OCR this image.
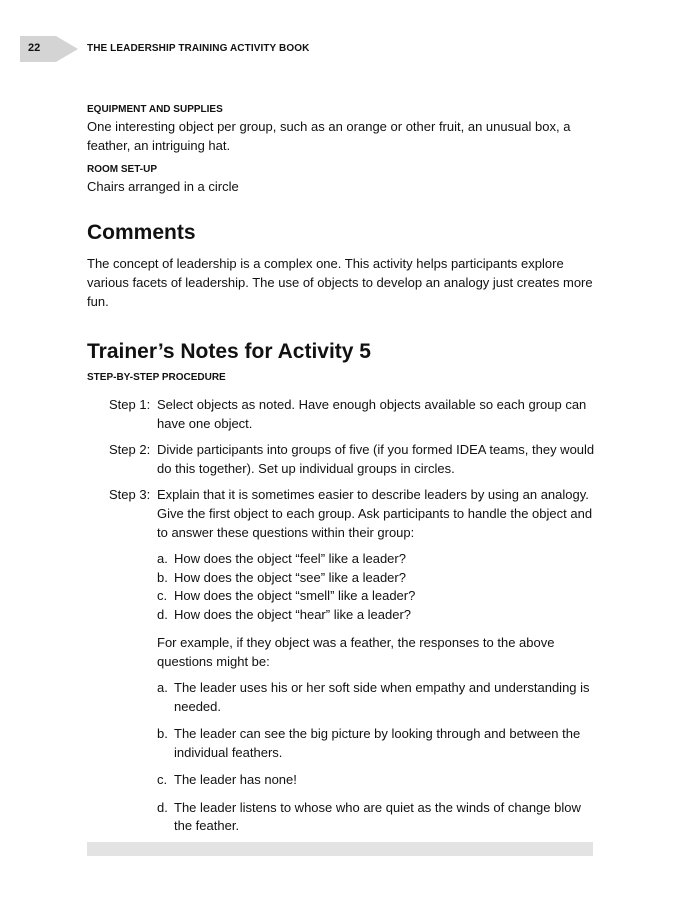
22	THE LEADERSHIP TRAINING ACTIVITY BOOK

EQUIPMENT AND SUPPLIES

One interesting object per group, such as an orange or other fruit, an unusual box, a feather, an intriguing hat.

ROOM SET-UP

Chairs arranged in a circle

Comments

The concept of leadership is a complex one. This activity helps participants explore various facets of leadership. The use of objects to develop an analogy just creates more fun.

Trainer’s Notes for Activity 5

STEP-BY-STEP PROCEDURE

Step 1: Select objects as noted. Have enough objects available so each group can have one object.
Step 2: Divide participants into groups of five (if you formed IDEA teams, they would do this together). Set up individual groups in circles.
Step 3: Explain that it is sometimes easier to describe leaders by using an analogy. Give the first object to each group. Ask participants to handle the object and to answer these questions within their group:
a. How does the object “feel” like a leader?
b. How does the object “see” like a leader?
c. How does the object “smell” like a leader?
d. How does the object “hear” like a leader?

For example, if they object was a feather, the responses to the above questions might be:

a. The leader uses his or her soft side when empathy and understanding is needed.
b. The leader can see the big picture by looking through and between the individual feathers.
c. The leader has none!
d. The leader listens to whose who are quiet as the winds of change blow the feather.
